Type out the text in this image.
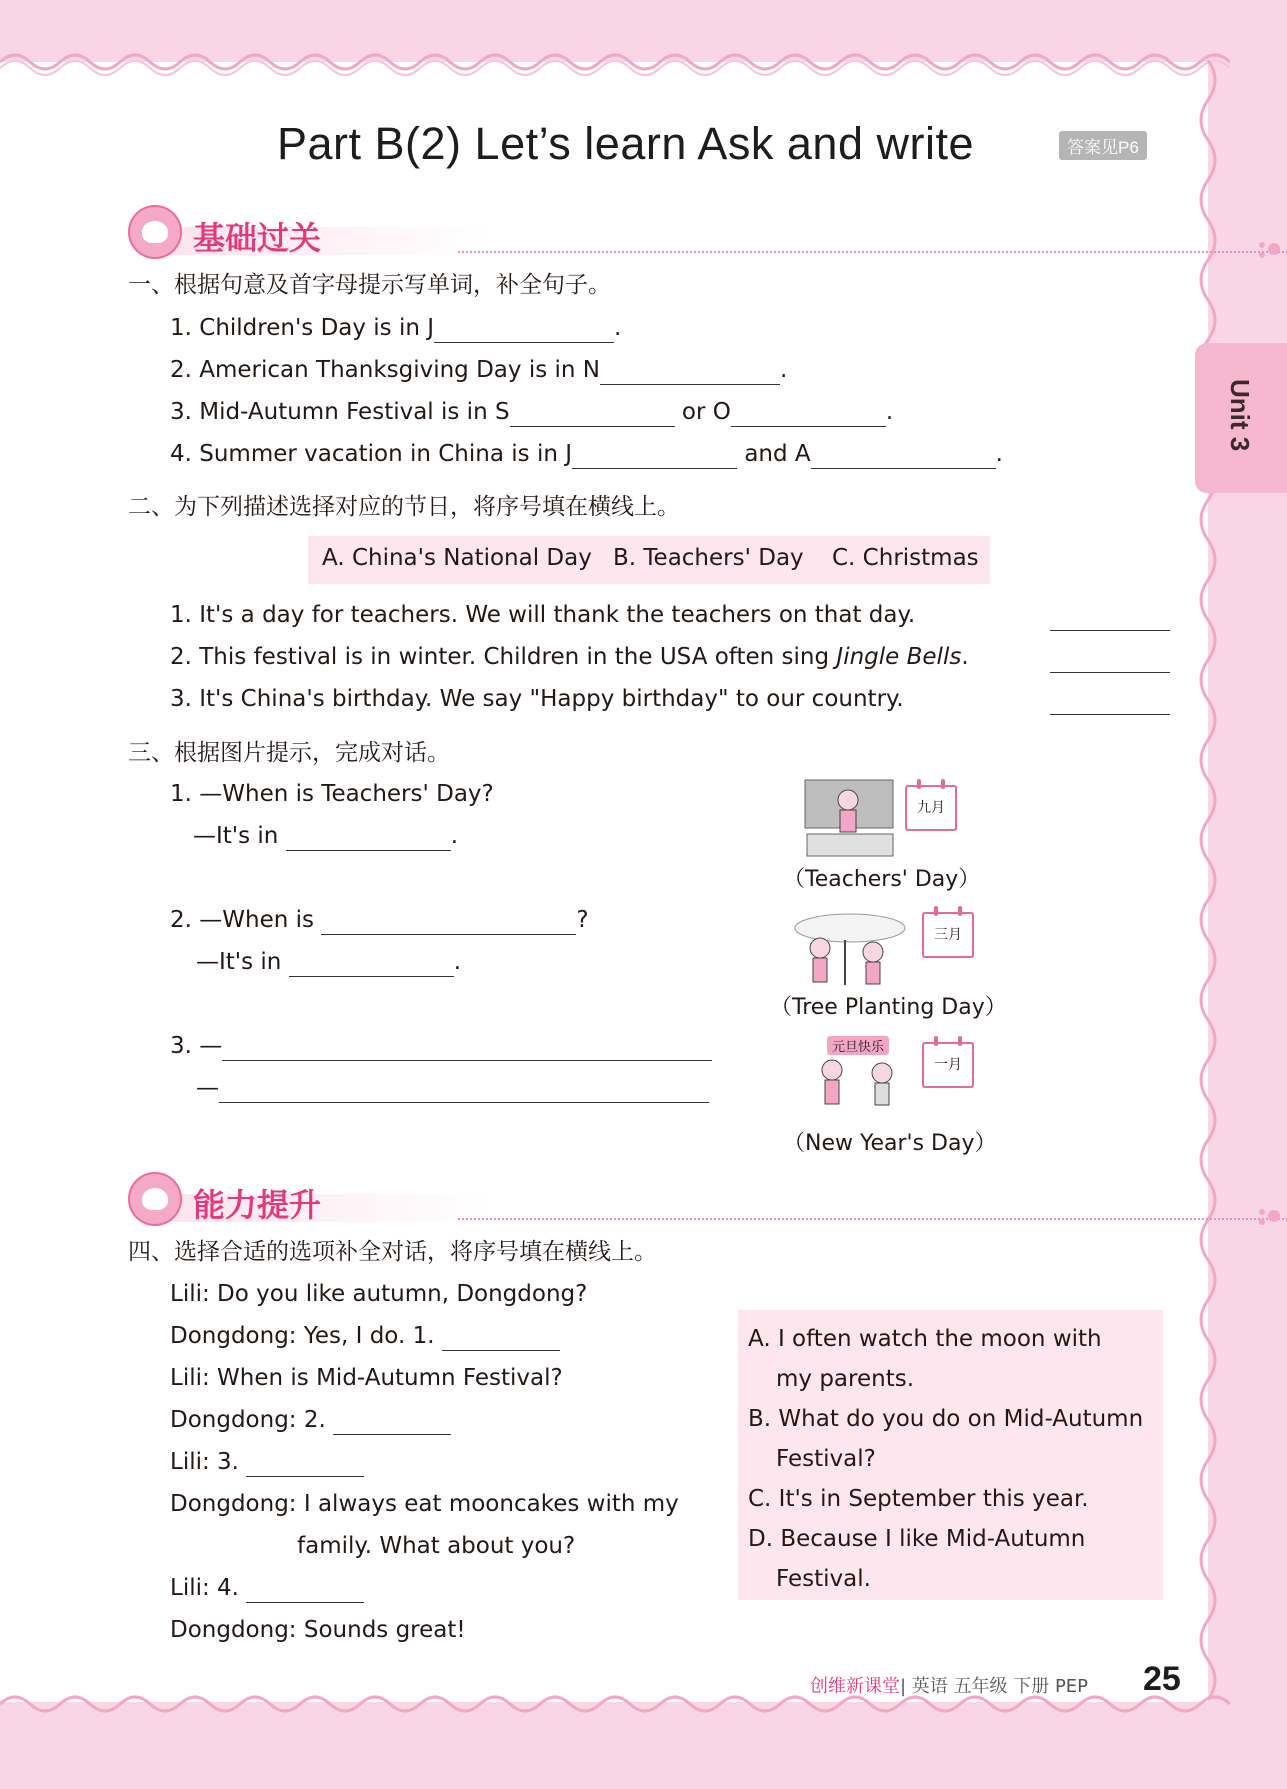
Unit 3
Part B(2) Let’s learn Ask and write	答案见P6
基础过关
一、根据句意及首字母提示写单词，补全句子。
1. Children's Day is in J	.
2. American Thanksgiving Day is in N	.
3. Mid-Autumn Festival is in S	or O	.
4. Summer vacation in China is in J	and A	.
二、为下列描述选择对应的节日，将序号填在横线上。
A. China's National Day B. Teachers' Day C. Christmas
1. It's a day for teachers. We will thank the teachers on that day.
2. This festival is in winter. Children in the USA often sing Jingle Bells.
3. It's China's birthday. We say "Happy birthday" to our country.
三、根据图片提示，完成对话。
1. —When is Teachers' Day?
—It's in	.
2. —When is	?
—It's in	.
3. —
—
九月
（Teachers' Day）
三月
（Tree Planting Day）
元旦快乐
一月
（New Year's Day）
能力提升
四、选择合适的选项补全对话，将序号填在横线上。
Lili: Do you like autumn, Dongdong?
Dongdong: Yes, I do. 1.
Lili: When is Mid-Autumn Festival?
Dongdong: 2.
Lili: 3.
Dongdong: I always eat mooncakes with my
family. What about you?
Lili: 4.
Dongdong: Sounds great!
A. I often watch the moon with
my parents.
B. What do you do on Mid-Autumn
Festival?
C. It's in September this year.
D. Because I like Mid-Autumn
Festival.
创维新课堂| 英语 五年级 下册 PEP 25
